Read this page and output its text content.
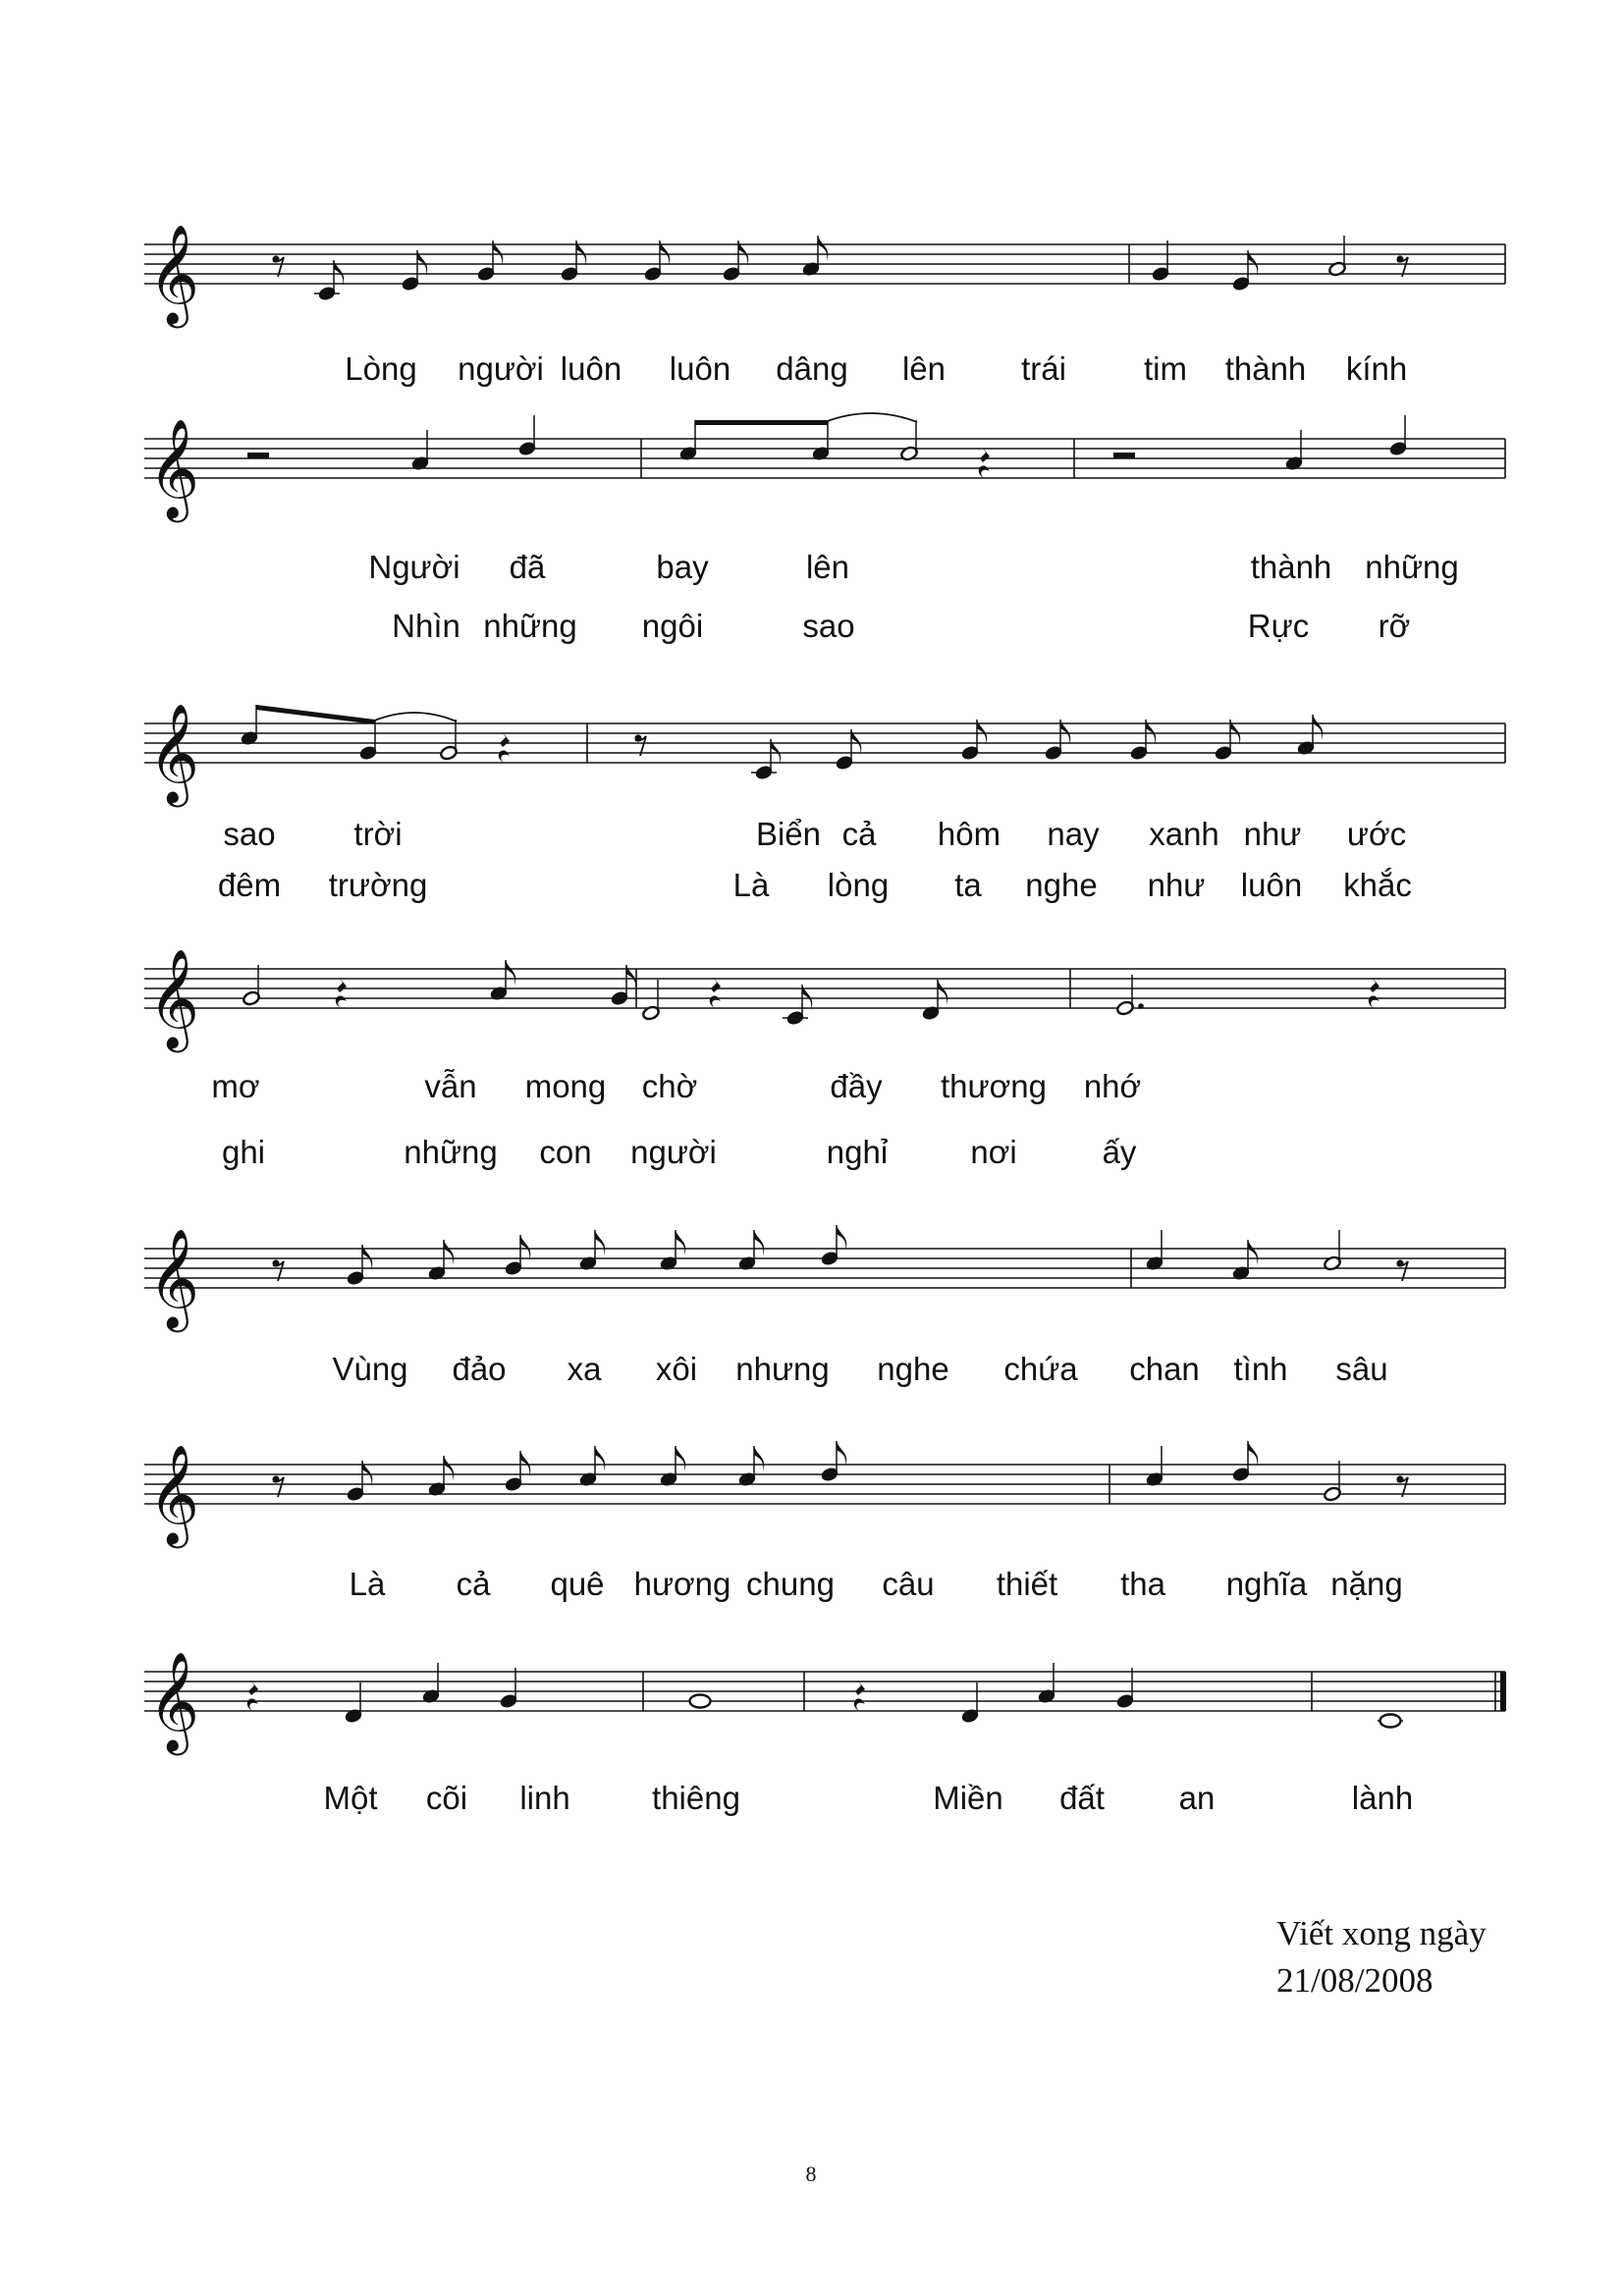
𝄞
𝄞
𝄞
𝄞
𝄞
𝄞
𝄞
Lòng người luôn luôn dâng lên trái tim thành kính
Người đã	bay	lên	thành những
Nhìn những ngôi	sao	Rực rỡ
sao trời	Biển cả hôm nay xanh như ước
đêm trường	Là lòng ta nghe như luôn khắc
mơ	vẫn mong chờ	đầy thương nhớ
ghi	những con người	nghỉ	nơi	ấy
Vùng đảo xa xôi nhưng nghe chứa chan tình sâu
Là cả quê hương chung câu thiết tha nghĩa nặng
Một cõi linh	thiêng	Miền đất an	lành
Viết xong ngày
21/08/2008
8
